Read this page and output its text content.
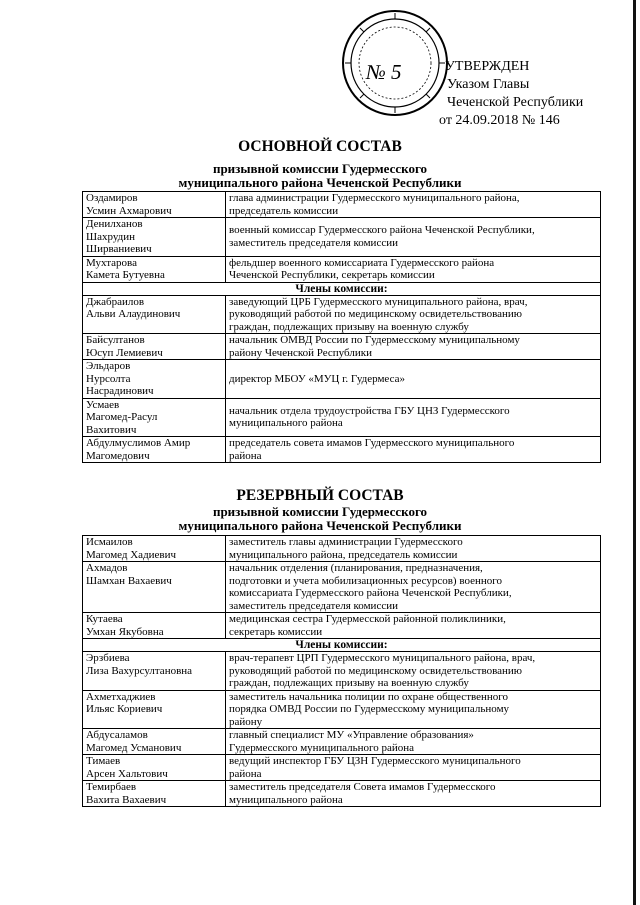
№ 5	УТВЕРЖДЕН
Указом Главы
Чеченской Республики
от 24.09.2018 № 146
ОСНОВНОЙ СОСТАВ
призывной комиссии Гудермесского
муниципального района Чеченской Республики
Оздамиров
Усмин Ахмарович	глава администрации Гудермесского муниципального района,
председатель комиссии

Денилханов
Шахрудин
Ширваниевич	военный комиссар Гудермесского района Чеченской Республики,
заместитель председателя комиссии

Мухтарова
Камета Бутуевна	фельдшер военного комиссариата Гудермесского района
Чеченской Республики, секретарь комиссии

Члены комиссии:	

Джабраилов
Альви Алаудинович	заведующий ЦРБ Гудермесского муниципального района, врач,
руководящий работой по медицинскому освидетельствованию
граждан, подлежащих призыву на военную службу

Байсултанов
Юсуп Лемиевич	начальник ОМВД России по Гудермесскому муниципальному
району Чеченской Республики

Эльдаров
Нурсолта
Насрадинович	директор МБОУ «МУЦ г. Гудермеса»

Усмаев
Магомед-Расул
Вахитович	начальник отдела трудоустройства ГБУ ЦНЗ Гудермесского
муниципального района

Абдулмуслимов Амир
Магомедович	председатель совета имамов Гудермесского муниципального
района
РЕЗЕРВНЫЙ СОСТАВ
призывной комиссии Гудермесского
муниципального района Чеченской Республики
Исмаилов
Магомед Хадиевич	заместитель главы администрации Гудермесского
муниципального района, председатель комиссии

Ахмадов
Шамхан Вахаевич	начальник отделения (планирования, предназначения,
подготовки и учета мобилизационных ресурсов) военного
комиссариата Гудермесского района Чеченской Республики,
заместитель председателя комиссии

Кутаева
Умхан Якубовна	медицинская сестра Гудермесской районной поликлиники,
секретарь комиссии

Члены комиссии:	

Эрзбиева
Лиза Вахурсултановна	врач-терапевт ЦРП Гудермесского муниципального района, врач,
руководящий работой по медицинскому освидетельствованию
граждан, подлежащих призыву на военную службу

Ахметхаджиев
Ильяс Кориевич	заместитель начальника полиции по охране общественного
порядка ОМВД России по Гудермесскому муниципальному
району

Абдусаламов
Магомед Усманович	главный специалист МУ «Управление образования»
Гудермесского муниципального района

Тимаев
Арсен Хальтович	ведущий инспектор ГБУ ЦЗН Гудермесского муниципального
района

Темирбаев
Вахита Вахаевич	заместитель председателя Совета имамов Гудермесского
муниципального района
